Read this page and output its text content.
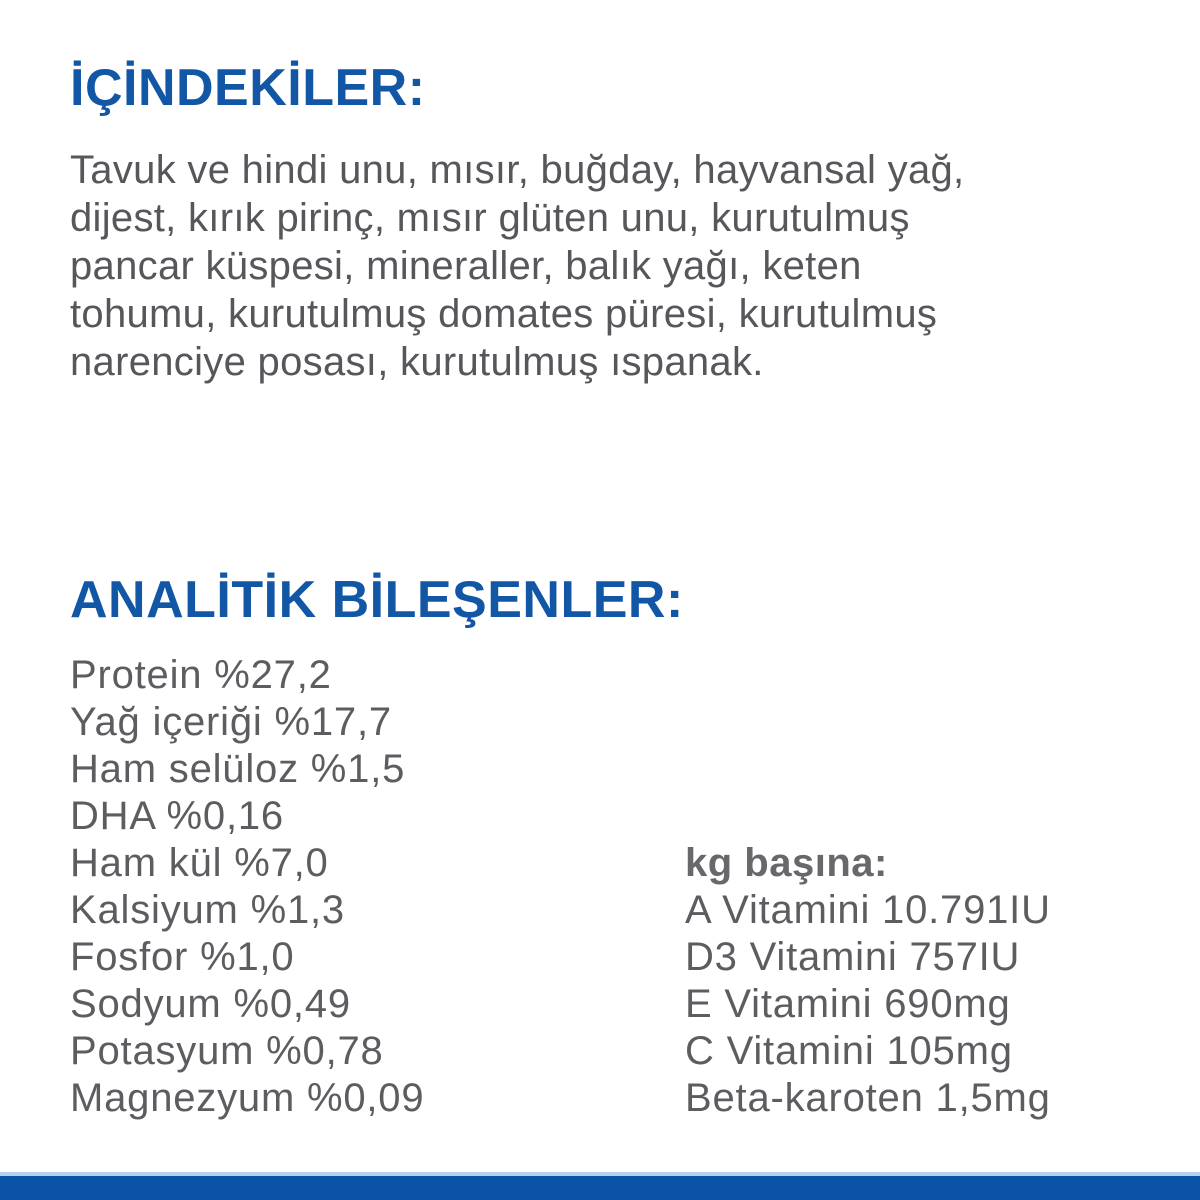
İÇİNDEKİLER:

Tavuk ve hindi unu, mısır, buğday, hayvansal yağ,
dijest, kırık pirinç, mısır glüten unu, kurutulmuş
pancar küspesi, mineraller, balık yağı, keten
tohumu, kurutulmuş domates püresi, kurutulmuş
narenciye posası, kurutulmuş ıspanak.

ANALİTİK BİLEŞENLER:
Protein %27,2
Yağ içeriği %17,7
Ham selüloz %1,5
DHA %0,16
Ham kül %7,0
Kalsiyum %1,3
Fosfor %1,0
Sodyum %0,49
Potasyum %0,78
Magnezyum %0,09
kg başına:
A Vitamini 10.791IU
D3 Vitamini 757IU
E Vitamini 690mg
C Vitamini 105mg
Beta-karoten 1,5mg
